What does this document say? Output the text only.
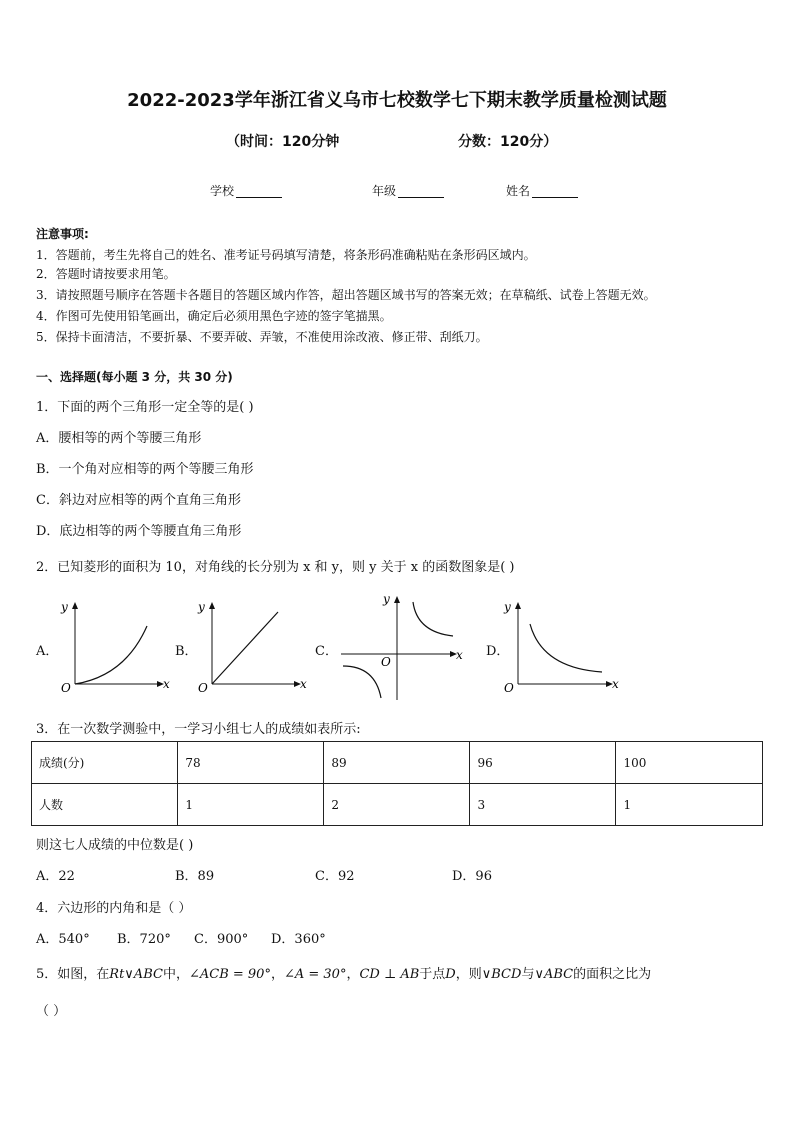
2022-2023学年浙江省义乌市七校数学七下期末教学质量检测试题
（时间：120分钟	分数：120分）
学校	年级	姓名
注意事项:
1．答题前，考生先将自己的姓名、准考证号码填写清楚，将条形码准确粘贴在条形码区域内。
2．答题时请按要求用笔。
3．请按照题号顺序在答题卡各题目的答题区域内作答，超出答题区域书写的答案无效；在草稿纸、试卷上答题无效。
4．作图可先使用铅笔画出，确定后必须用黑色字迹的签字笔描黑。
5．保持卡面清洁，不要折暴、不要弄破、弄皱，不准使用涂改液、修正带、刮纸刀。
一、选择题(每小题 3 分，共 30 分)
1．下面的两个三角形一定全等的是( )
A．腰相等的两个等腰三角形
B．一个角对应相等的两个等腰三角形
C．斜边对应相等的两个直角三角形
D．底边相等的两个等腰直角三角形
2．已知菱形的面积为 10，对角线的长分别为 x 和 y，则 y 关于 x 的函数图象是( )
A．	B．	C．	D．
y
x
O
y
x
O
y
x
O
y
x
O
3．在一次数学测验中，一学习小组七人的成绩如表所示:
成绩(分)	78	89	96	100
人数	1	2	3	1
则这七人成绩的中位数是( )
A．22	B．89	C．92	D．96
4．六边形的内角和是（ ）
A．540° B．720° C．900° D．360°
5．如图，在Rt∨ABC中，∠ACB = 90°，∠A = 30°，CD ⊥ AB于点D，则∨BCD与∨ABC的面积之比为
（ ）
